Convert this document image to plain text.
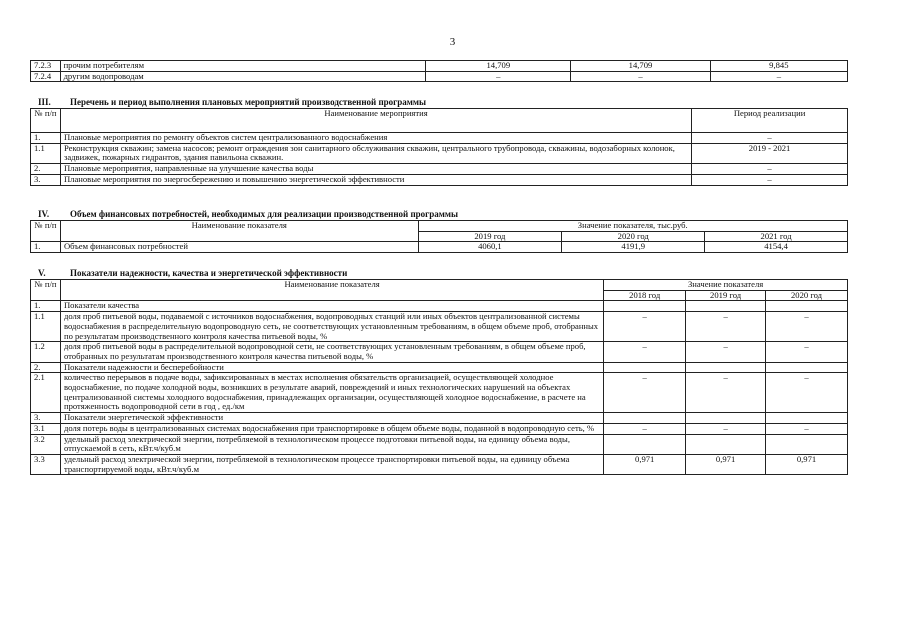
3
7.2.3	прочим потребителям	14,709	14,709	9,845
7.2.4	другим водопроводам	–	–	–
III. Перечень и период выполнения плановых мероприятий производственной программы
№ п/п	Наименование мероприятия	Период реализации
1.	Плановые мероприятия по ремонту объектов систем централизованного водоснабжения	–
1.1	Реконструкция скважин; замена насосов; ремонт ограждения зон санитарного обслуживания скважин, центрального трубопровода, скважины, водозаборных колонок, задвижек, пожарных гидрантов, здания павильона скважин.	2019 - 2021
2.	Плановые мероприятия, направленные на улучшение качества воды	–
3.	Плановые мероприятия по энергосбережению и повышению энергетической эффективности	–
IV. Объем финансовых потребностей, необходимых для реализации производственной программы
№ п/п	Наименование показателя	Значение показателя, тыс.руб.		
		2019 год	2020 год	2021 год
1.	Объем финансовых потребностей	4060,1	4191,9	4154,4
V.	Показатели надежности, качества и энергетической эффективности
№ п/п	Наименование показателя	Значение показателя		
		2018 год	2019 год	2020 год
1.	Показатели качества			
1.1	доля проб питьевой воды, подаваемой с источников водоснабжения, водопроводных станций или иных объектов централизованной системы водоснабжения в распределительную водопроводную сеть, не соответствующих установленным требованиям, в общем объеме проб, отобранных по результатам производственного контроля качества питьевой воды, %	–	–	–
1.2	доля проб питьевой воды в распределительной водопроводной сети, не соответствующих установленным требованиям, в общем объеме проб, отобранных по результатам производственного контроля качества питьевой воды, %	–	–	–
2.	Показатели надежности и бесперебойности			
2.1	количество перерывов в подаче воды, зафиксированных в местах исполнения обязательств организацией, осуществляющей холодное водоснабжение, по подаче холодной воды, возникших в результате аварий, повреждений и иных технологических нарушений на объектах централизованной системы холодного водоснабжения, принадлежащих организации, осуществляющей холодное водоснабжение, в расчете на протяженность водопроводной сети в год , ед./км	–	–	–
3.	Показатели энергетической эффективности			
3.1	доля потерь воды в централизованных системах водоснабжения при транспортировке в общем объеме воды, поданной в водопроводную сеть, %	–	–	–
3.2	удельный расход электрической энергии, потребляемой в технологическом процессе подготовки питьевой воды, на единицу объема воды, отпускаемой в сеть, кВт.ч/куб.м			
3.3	удельный расход электрической энергии, потребляемой в технологическом процессе транспортировки питьевой воды, на единицу объема транспортируемой воды, кВт.ч/куб.м	0,971	0,971	0,971
